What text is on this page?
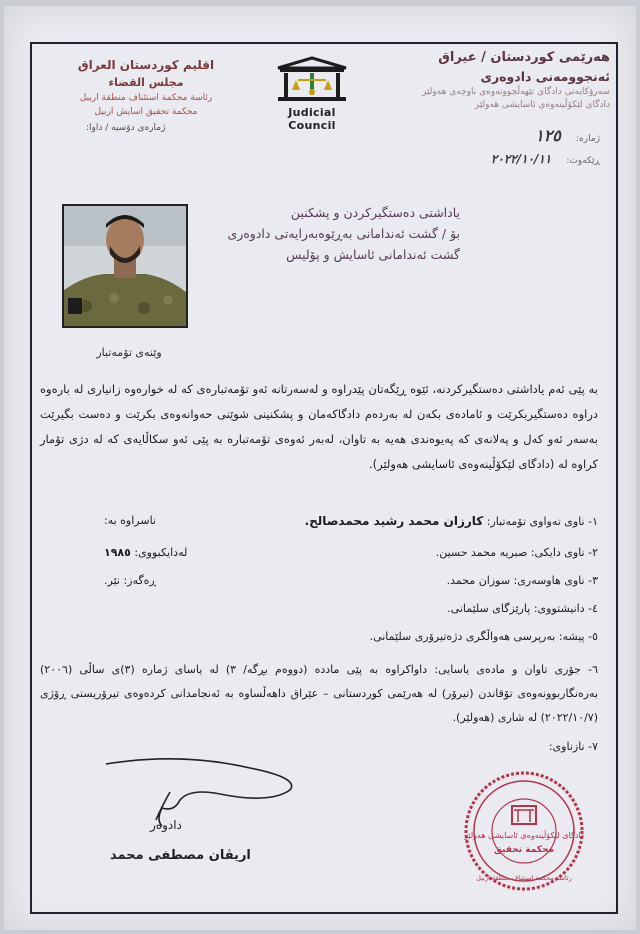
هەرێمی کوردستان / عیراق
ئەنجوومەنی دادوەری
سەرۆکایەتی دادگای تێهەڵچوونەوەی ناوچەی هەولێر
دادگای لێکۆڵینەوەی ئاسایشی هەولێر
اقليم كوردستان العراق
مجلس القضاء
رئاسة محكمة استئناف منطقة اربيل
محكمة تحقيق اسايش اربيل
ژمارەی دۆسیە / داوا:
Judicial Council
ژمارە: ١٢٥
ڕێکەوت: ٢٠٢٢/١٠/١١
یاداشتی دەستگیرکردن و پشکنین
بۆ / گشت ئەندامانی بەڕێوەبەرایەتی دادوەری
گشت ئەندامانی ئاسایش و پۆلیس
وێنەی تۆمەتبار
بە پێی ئەم یاداشتی دەستگیرکردنە، ئێوە ڕێگەتان پێدراوە و لەسەرتانە ئەو تۆمەتبارەی کە لە خوارەوە زانیاری لە بارەوە دراوە دەستگیربکرێت و ئامادەی بکەن لە بەردەم دادگاکەمان و پشکنینی شوێنی حەوانەوەی بکرێت و دەست بگیرێت بەسەر ئەو کەل و پەلانەی کە پەیوەندی هەیە بە تاوان، لەبەر ئەوەی تۆمەتبارە بە پێی ئەو سکاڵایەی کە لە دژی تۆمار کراوە لە (دادگای لێکۆڵینەوەی ئاسایشی هەولێر).
١- ناوی تەواوی تۆمەتبار: كارزان محمد رشيد محمدصالح.
ناسراوە بە:
٢- ناوی دایکی: صبريه محمد حسين.
لەدایکبووی: ١٩٨٥
٣- ناوی هاوسەری: سوزان محمد.
ڕەگەز: نێر.
٤- دانیشتووی: پارێزگای سلێمانی.
٥- پیشە: بەرپرسی هەواڵگری دژەتیرۆری سلێمانی.
٦- جۆری تاوان و مادەی یاسایی: داواکراوە بە پێی ماددە (دووەم بڕگە/ ٣) لە یاسای ژمارە (٣)ی ساڵی (٢٠٠٦) بەرەنگاربوونەوەی تۆقاندن (تیرۆر) لە هەرێمی کوردستانی – عێراق داهەڵساوە بە ئەنجامدانی کردەوەی تیرۆریستی ڕۆژی (٢٠٢٢/١٠/٧) لە شاری (هەولێر).
٧- نازناوی:
دادوەر
اريڤان مصطفى محمد
دادگای لێکۆڵینەوەی ئاسایشی هەولێر
محكمة تحقيق
رئاسة محكمة استئناف منطقة اربيل
